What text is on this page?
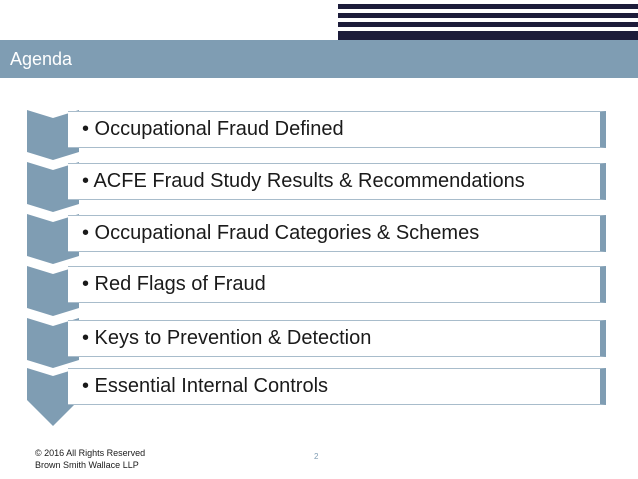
Agenda
• Occupational Fraud Defined
• ACFE Fraud Study Results & Recommendations
• Occupational Fraud Categories & Schemes
• Red Flags of Fraud
• Keys to Prevention & Detection
• Essential Internal Controls
© 2016 All Rights Reserved
Brown Smith Wallace LLP
2
